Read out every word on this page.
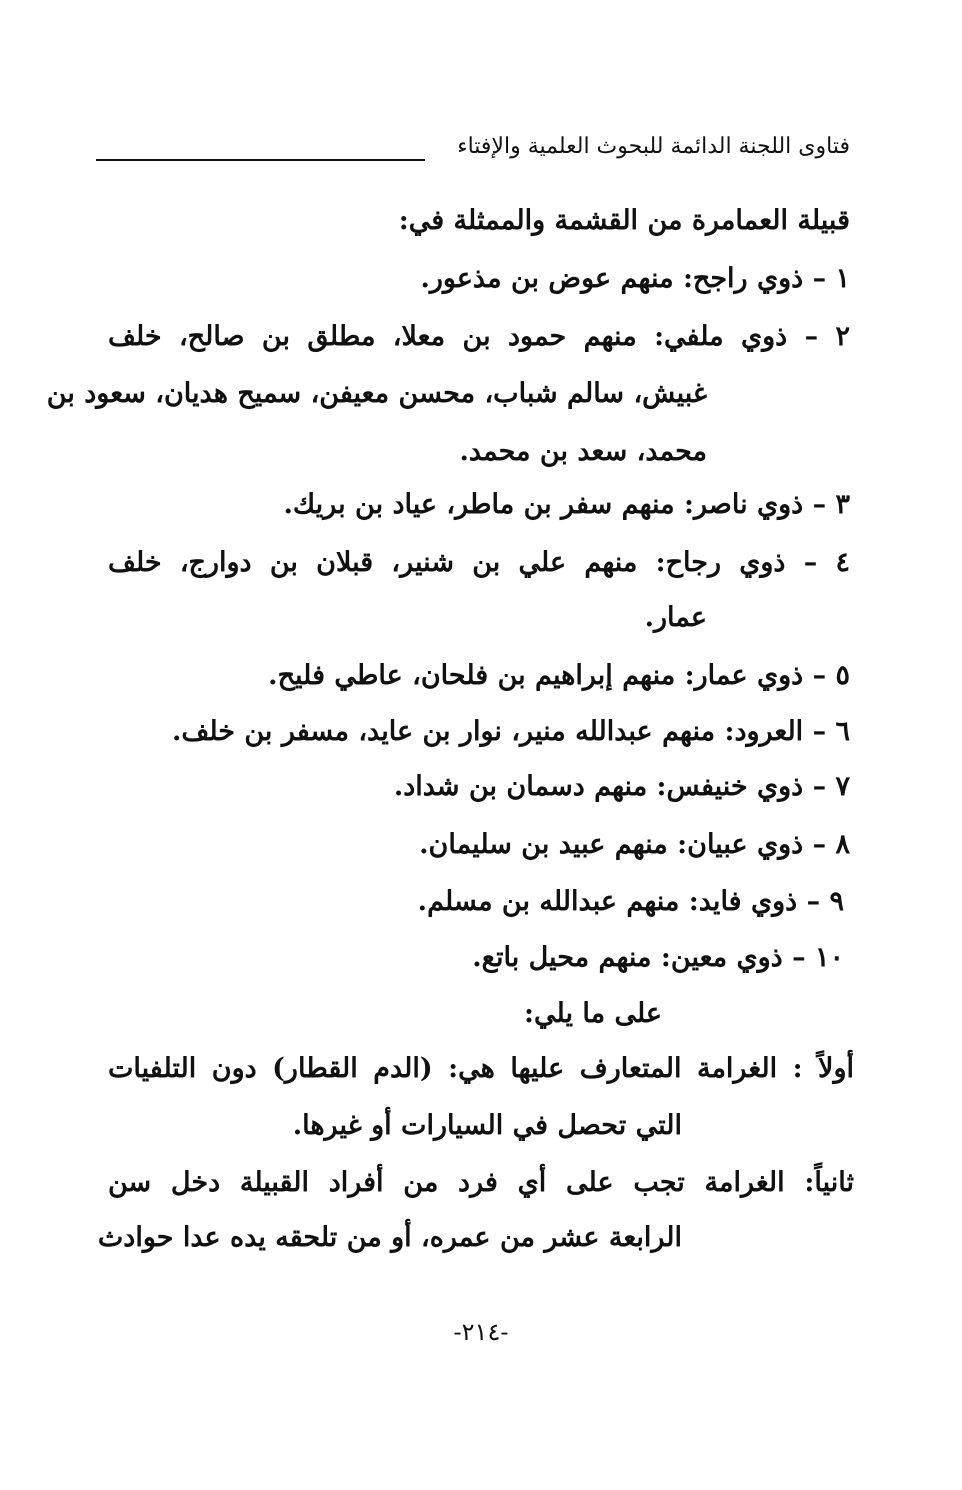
فتاوى اللجنة الدائمة للبحوث العلمية والإفتاء
قبيلة العمامرة من القشمة والممثلة في:
١ – ذوي راجح: منهم عوض بن مذعور.
٢ – ذوي ملفي: منهم حمود بن معلا، مطلق بن صالح، خلف
غبيش، سالم شباب، محسن معيفن، سميح هديان، سعود بن
محمد، سعد بن محمد.
٣ – ذوي ناصر: منهم سفر بن ماطر، عياد بن بريك.
٤ – ذوي رجاح: منهم علي بن شنير، قبلان بن دوارج، خلف
عمار.
٥ – ذوي عمار: منهم إبراهيم بن فلحان، عاطي فليح.
٦ – العرود: منهم عبدالله منير، نوار بن عايد، مسفر بن خلف.
٧ – ذوي خنيفس: منهم دسمان بن شداد.
٨ – ذوي عبيان: منهم عبيد بن سليمان.
٩ – ذوي فايد: منهم عبدالله بن مسلم.
١٠ – ذوي معين: منهم محيل باتع.
على ما يلي:
أولاً : الغرامة المتعارف عليها هي: (الدم القطار) دون التلفيات
التي تحصل في السيارات أو غيرها.
ثانياً: الغرامة تجب على أي فرد من أفراد القبيلة دخل سن
الرابعة عشر من عمره، أو من تلحقه يده عدا حوادث
-٢١٤-
